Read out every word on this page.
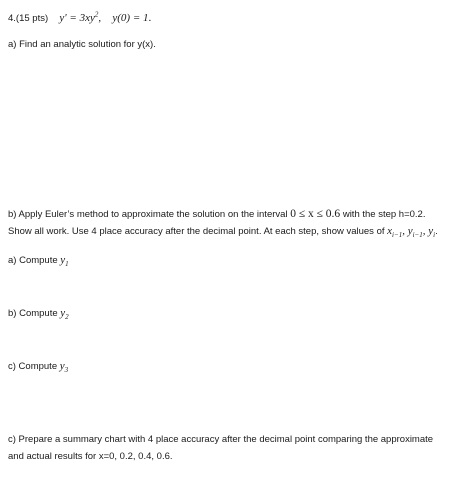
4.(15 pts) $y' = 3xy^2$, y(0) = 1.
a) Find an analytic solution for y(x).
b) Apply Euler’s method to approximate the solution on the interval 0 ≤ x ≤ 0.6 with the step h=0.2.
Show all work. Use 4 place accuracy after the decimal point. At each step, show values of $x_{i-1}$, $y_{i-1}$, $y_i$.
a) Compute $y_1$
b) Compute $y_2$
c) Compute $y_3$
c) Prepare a summary chart with 4 place accuracy after the decimal point comparing the approximate
and actual results for x=0, 0.2, 0.4, 0.6.
